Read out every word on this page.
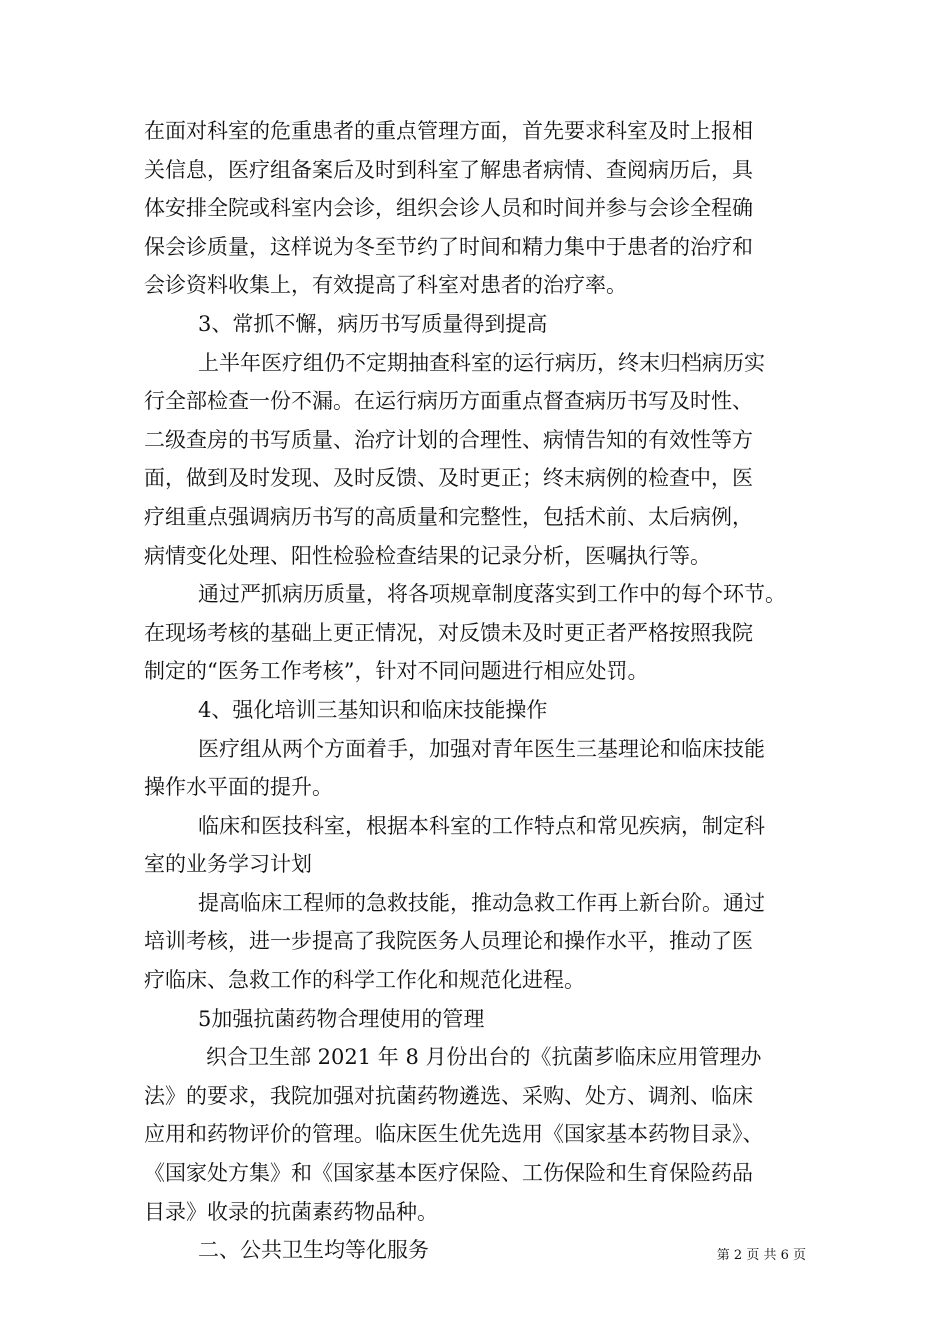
在面对科室的危重患者的重点管理方面，首先要求科室及时上报相
关信息，医疗组备案后及时到科室了解患者病情、查阅病历后，具
体安排全院或科室内会诊，组织会诊人员和时间并参与会诊全程确
保会诊质量，这样说为冬至节约了时间和精力集中于患者的治疗和
会诊资料收集上，有效提高了科室对患者的治疗率。
3、常抓不懈，病历书写质量得到提高
上半年医疗组仍不定期抽查科室的运行病历，终末归档病历实
行全部检查一份不漏。在运行病历方面重点督查病历书写及时性、
二级查房的书写质量、治疗计划的合理性、病情告知的有效性等方
面，做到及时发现、及时反馈、及时更正；终末病例的检查中，医
疗组重点强调病历书写的高质量和完整性，包括术前、太后病例，
病情变化处理、阳性检验检查结果的记录分析，医嘱执行等。
通过严抓病历质量，将各项规章制度落实到工作中的每个环节。
在现场考核的基础上更正情况，对反馈未及时更正者严格按照我院
制定的“医务工作考核”，针对不同问题进行相应处罚。
4、强化培训三基知识和临床技能操作
医疗组从两个方面着手，加强对青年医生三基理论和临床技能
操作水平面的提升。
临床和医技科室，根据本科室的工作特点和常见疾病，制定科
室的业务学习计划
提高临床工程师的急救技能，推动急救工作再上新台阶。通过
培训考核，进一步提高了我院医务人员理论和操作水平，推动了医
疗临床、急救工作的科学工作化和规范化进程。
5加强抗菌药物合理使用的管理
织合卫生部 2021 年 8 月份出台的《抗菌芗临床应用管理办
法》的要求，我院加强对抗菌药物遴选、采购、处方、调剂、临床
应用和药物评价的管理。临床医生优先选用《国家基本药物目录》、
《国家处方集》和《国家基本医疗保险、工伤保险和生育保险药品
目录》收录的抗菌素药物品种。
二、公共卫生均等化服务	第 2 页 共 6 页
